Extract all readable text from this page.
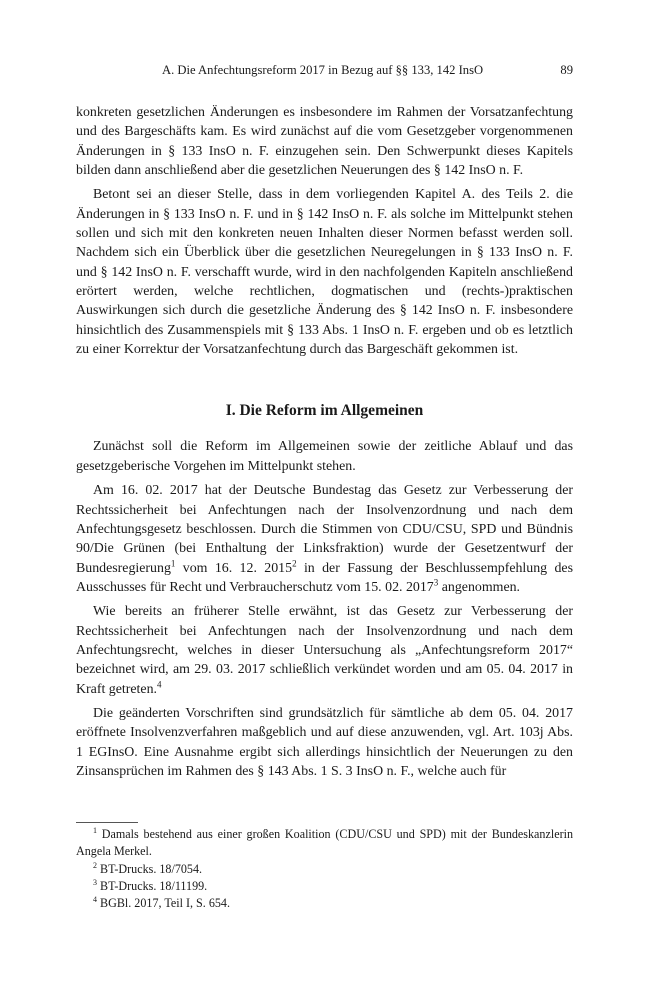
A. Die Anfechtungsreform 2017 in Bezug auf §§ 133, 142 InsO	89

konkreten gesetzlichen Änderungen es insbesondere im Rahmen der Vorsatzanfechtung und des Bargeschäfts kam. Es wird zunächst auf die vom Gesetzgeber vorgenommenen Änderungen in § 133 InsO n. F. einzugehen sein. Den Schwerpunkt dieses Kapitels bilden dann anschließend aber die gesetzlichen Neuerungen des § 142 InsO n. F.

Betont sei an dieser Stelle, dass in dem vorliegenden Kapitel A. des Teils 2. die Änderungen in § 133 InsO n. F. und in § 142 InsO n. F. als solche im Mittelpunkt stehen sollen und sich mit den konkreten neuen Inhalten dieser Normen befasst werden soll. Nachdem sich ein Überblick über die gesetzlichen Neuregelungen in § 133 InsO n. F. und § 142 InsO n. F. verschafft wurde, wird in den nachfolgenden Kapiteln anschließend erörtert werden, welche rechtlichen, dogmatischen und (rechts-)praktischen Auswirkungen sich durch die gesetzliche Änderung des § 142 InsO n. F. insbesondere hinsichtlich des Zusammenspiels mit § 133 Abs. 1 InsO n. F. ergeben und ob es letztlich zu einer Korrektur der Vorsatzanfechtung durch das Bargeschäft gekommen ist.

I. Die Reform im Allgemeinen

Zunächst soll die Reform im Allgemeinen sowie der zeitliche Ablauf und das gesetzgeberische Vorgehen im Mittelpunkt stehen.

Am 16. 02. 2017 hat der Deutsche Bundestag das Gesetz zur Verbesserung der Rechtssicherheit bei Anfechtungen nach der Insolvenzordnung und nach dem Anfechtungsgesetz beschlossen. Durch die Stimmen von CDU/CSU, SPD und Bündnis 90/Die Grünen (bei Enthaltung der Linksfraktion) wurde der Gesetzentwurf der Bundesregierung$^1$ vom 16. 12. 2015$^2$ in der Fassung der Beschlussempfehlung des Ausschusses für Recht und Verbraucherschutz vom 15. 02. 2017$^3$ angenommen.

Wie bereits an früherer Stelle erwähnt, ist das Gesetz zur Verbesserung der Rechtssicherheit bei Anfechtungen nach der Insolvenzordnung und nach dem Anfechtungsrecht, welches in dieser Untersuchung als „Anfechtungsreform 2017“ bezeichnet wird, am 29. 03. 2017 schließlich verkündet worden und am 05. 04. 2017 in Kraft getreten.$^4$

Die geänderten Vorschriften sind grundsätzlich für sämtliche ab dem 05. 04. 2017 eröffnete Insolvenzverfahren maßgeblich und auf diese anzuwenden, vgl. Art. 103j Abs. 1 EGInsO. Eine Ausnahme ergibt sich allerdings hinsichtlich der Neuerungen zu den Zinsansprüchen im Rahmen des § 143 Abs. 1 S. 3 InsO n. F., welche auch für

$^1$ Damals bestehend aus einer großen Koalition (CDU/CSU und SPD) mit der Bundeskanzlerin Angela Merkel.

$^2$ BT-Drucks. 18/7054.

$^3$ BT-Drucks. 18/11199.

$^4$ BGBl. 2017, Teil I, S. 654.
